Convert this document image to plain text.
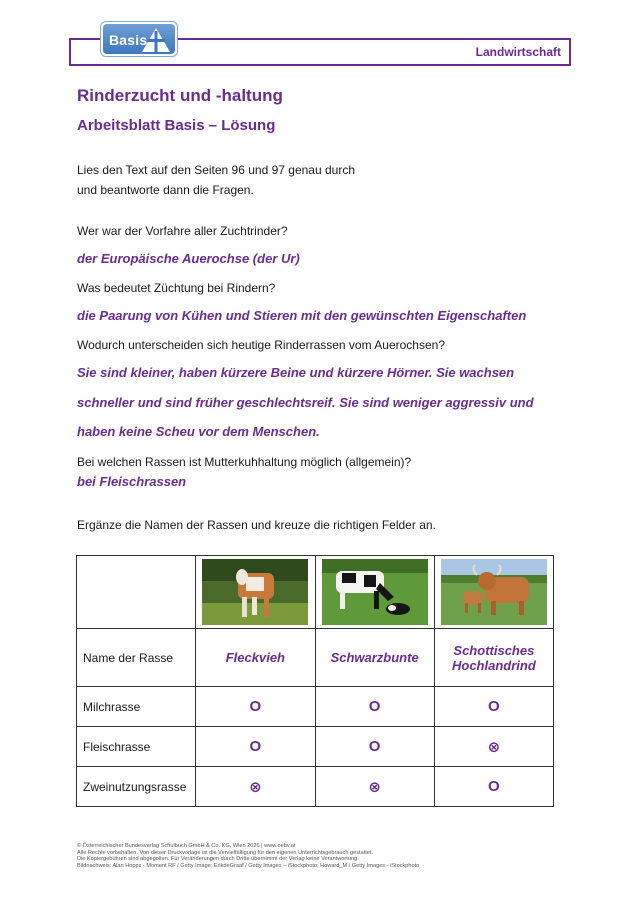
Landwirtschaft
Basis
Rinderzucht und -haltung
Arbeitsblatt Basis – Lösung
Lies den Text auf den Seiten 96 und 97 genau durch
und beantworte dann die Fragen.
Wer war der Vorfahre aller Zuchtrinder?
der Europäische Auerochse (der Ur)
Was bedeutet Züchtung bei Rindern?
die Paarung von Kühen und Stieren mit den gewünschten Eigenschaften
Wodurch unterscheiden sich heutige Rinderrassen vom Auerochsen?
Sie sind kleiner, haben kürzere Beine und kürzere Hörner. Sie wachsen
schneller und sind früher geschlechtsreif. Sie sind weniger aggressiv und
haben keine Scheu vor dem Menschen.
Bei welchen Rassen ist Mutterkuhhaltung möglich (allgemein)?
bei Fleischrassen
Ergänze die Namen der Rassen und kreuze die richtigen Felder an.

Name der Rasse	Fleckvieh	Schwarzbunte	Schottisches
Hochlandrind

Milchrasse	O	O	O
Fleischrasse	O	O	⊗
Zweinutzungsrasse	⊗	⊗	O
© Österreichischer Bundesverlag Schulbuch GmbH & Co. KG, Wien 2026 | www.oebv.at
Alle Rechte vorbehalten. Von dieser Druckvorlage ist die Vervielfältigung für den eigenen Unterrichtsgebrauch gestattet.
Die Kopiergebühren sind abgegolten. Für Veränderungen durch Dritte übernimmt der Verlag keine Verantwortung.
Bildnachweis: Alan Hopps - Moment RF / Getty Image; ErikdeGraaf / Getty Images – iStockphoto; Howard_M / Getty Images - iStockphoto
